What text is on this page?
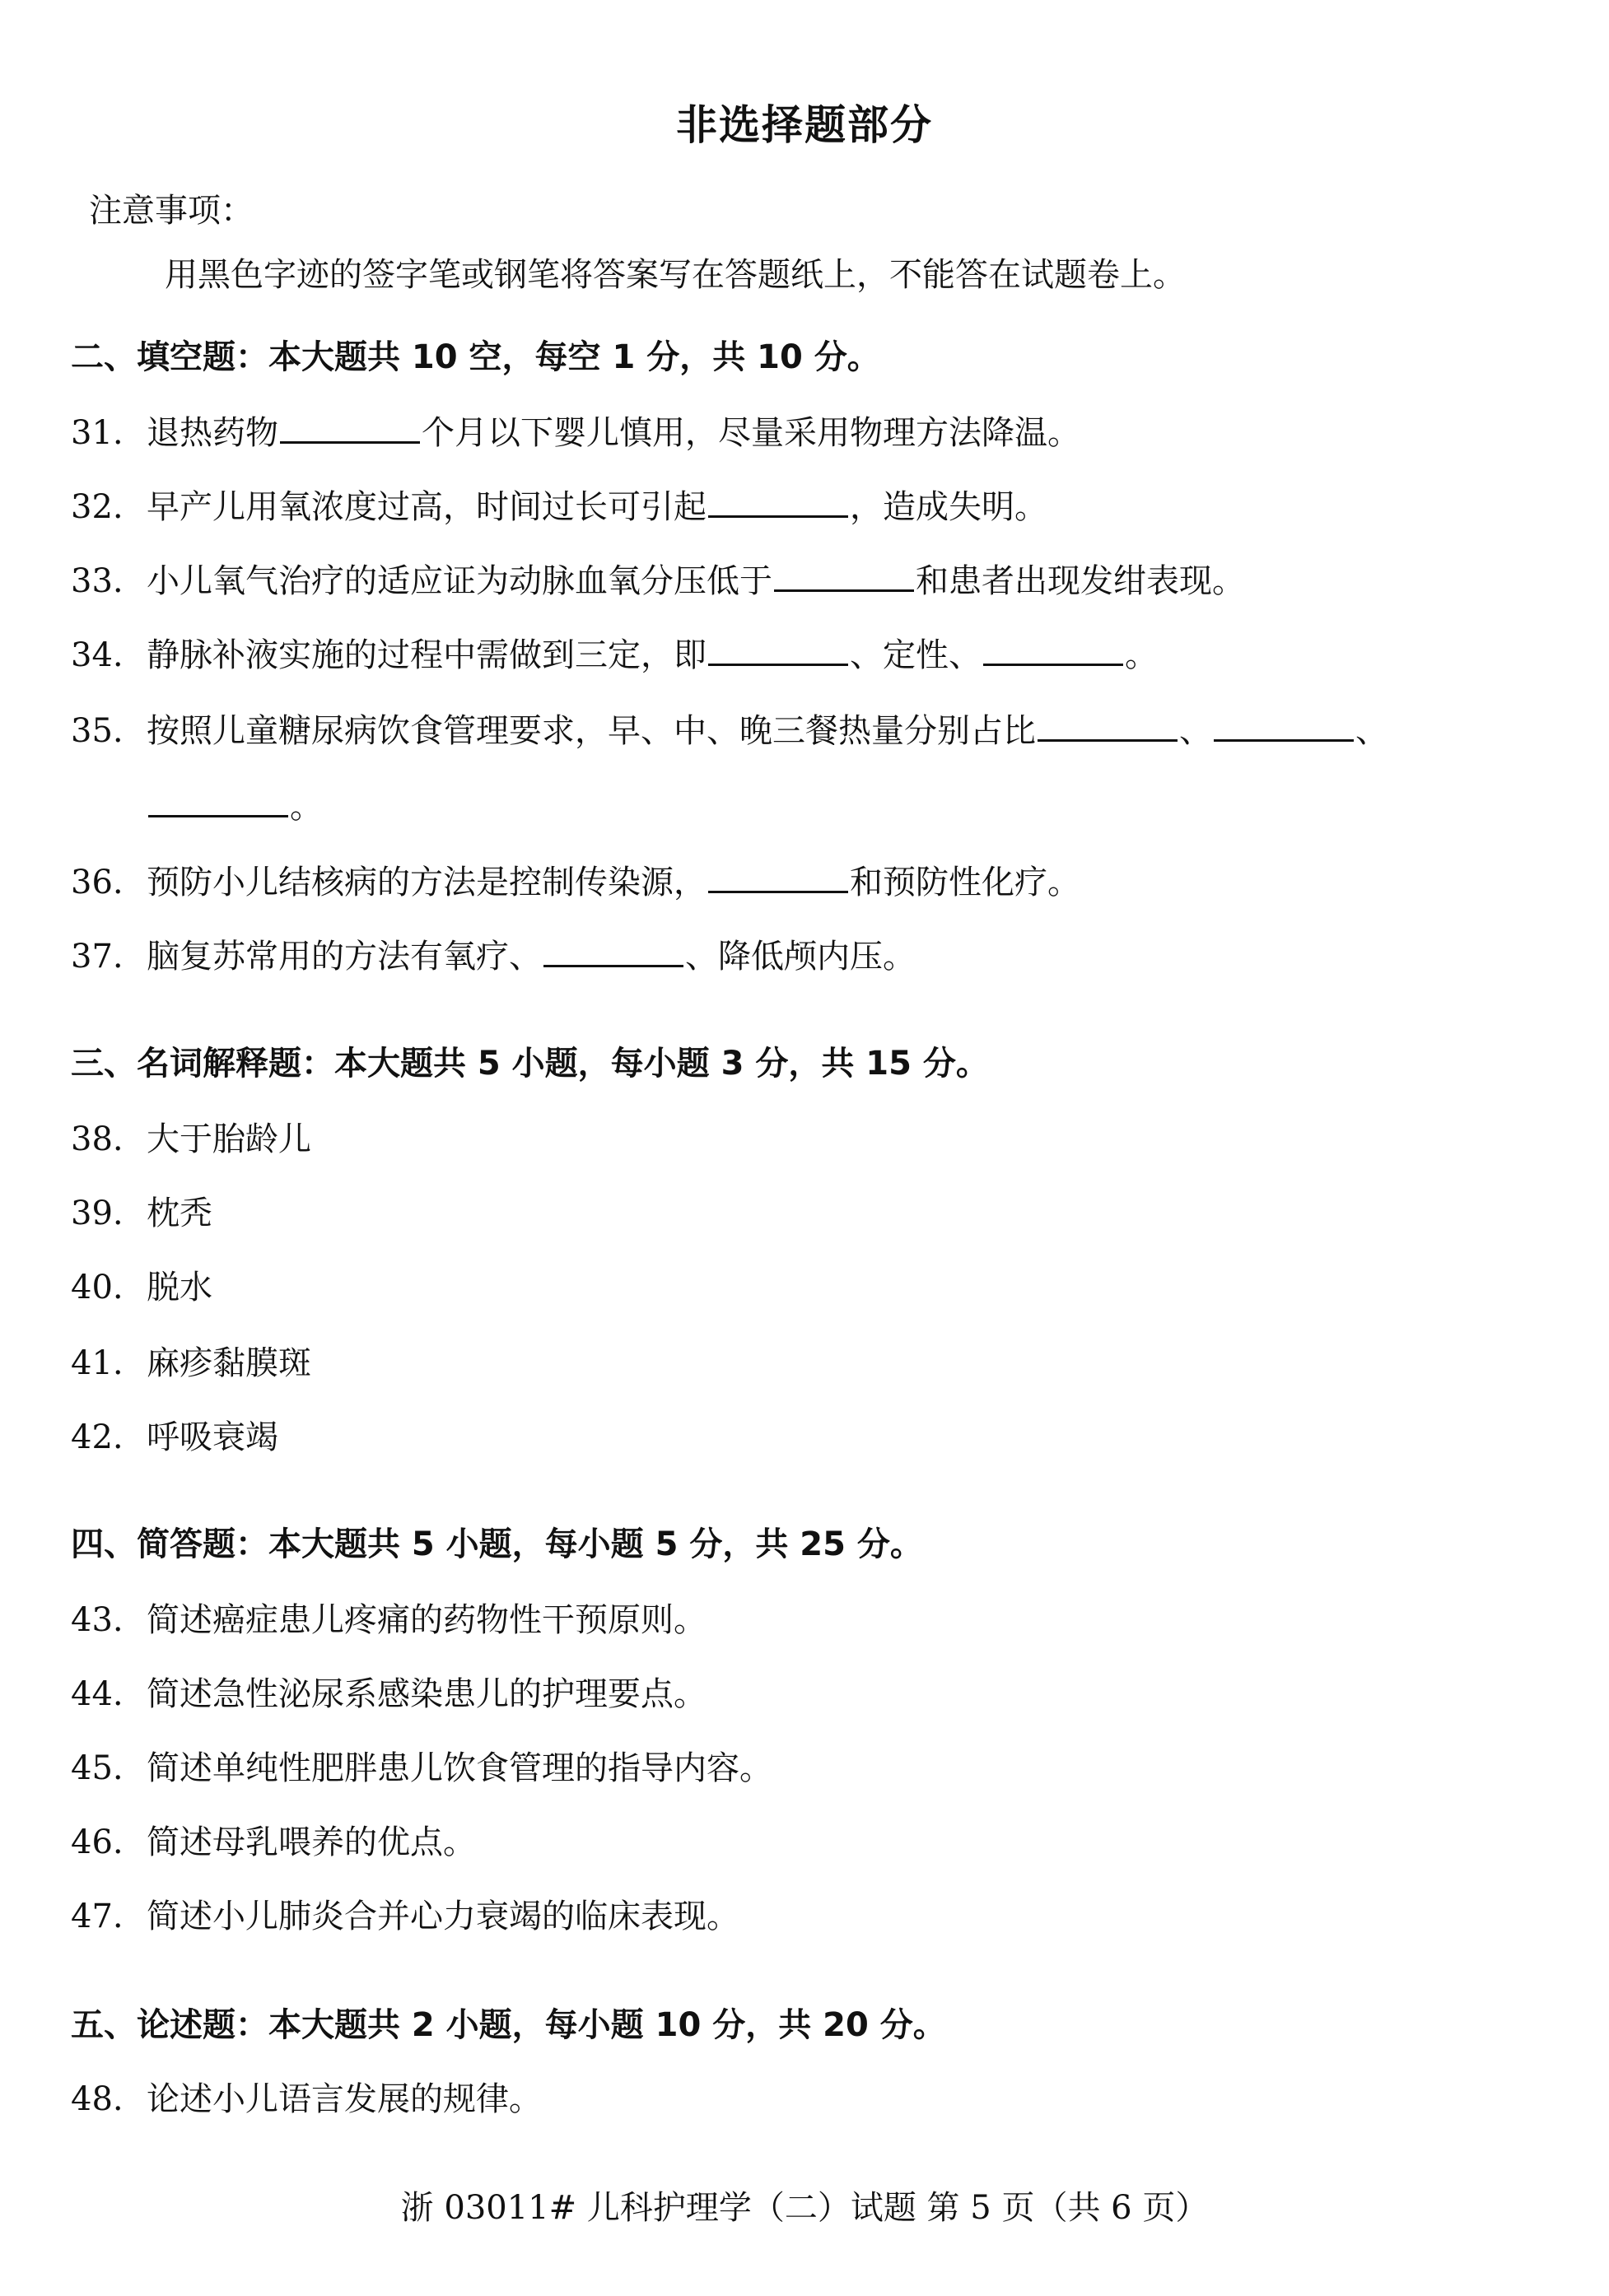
非选择题部分
注意事项：
用黑色字迹的签字笔或钢笔将答案写在答题纸上，不能答在试题卷上。
二、填空题：本大题共 10 空，每空 1 分，共 10 分。
31. 退热药物	个月以下婴儿慎用，尽量采用物理方法降温。
32. 早产儿用氧浓度过高，时间过长可引起	，造成失明。
33. 小儿氧气治疗的适应证为动脉血氧分压低于	和患者出现发绀表现。
34. 静脉补液实施的过程中需做到三定，即	、定性、	。
35. 按照儿童糖尿病饮食管理要求，早、中、晚三餐热量分别占比	、	、
。
36. 预防小儿结核病的方法是控制传染源，	和预防性化疗。
37. 脑复苏常用的方法有氧疗、	、降低颅内压。
三、名词解释题：本大题共 5 小题，每小题 3 分，共 15 分。
38. 大于胎龄儿
39. 枕秃
40. 脱水
41. 麻疹黏膜斑
42. 呼吸衰竭
四、简答题：本大题共 5 小题，每小题 5 分，共 25 分。
43. 简述癌症患儿疼痛的药物性干预原则。
44. 简述急性泌尿系感染患儿的护理要点。
45. 简述单纯性肥胖患儿饮食管理的指导内容。
46. 简述母乳喂养的优点。
47. 简述小儿肺炎合并心力衰竭的临床表现。
五、论述题：本大题共 2 小题，每小题 10 分，共 20 分。
48. 论述小儿语言发展的规律。
浙 03011# 儿科护理学（二）试题 第 5 页（共 6 页）
